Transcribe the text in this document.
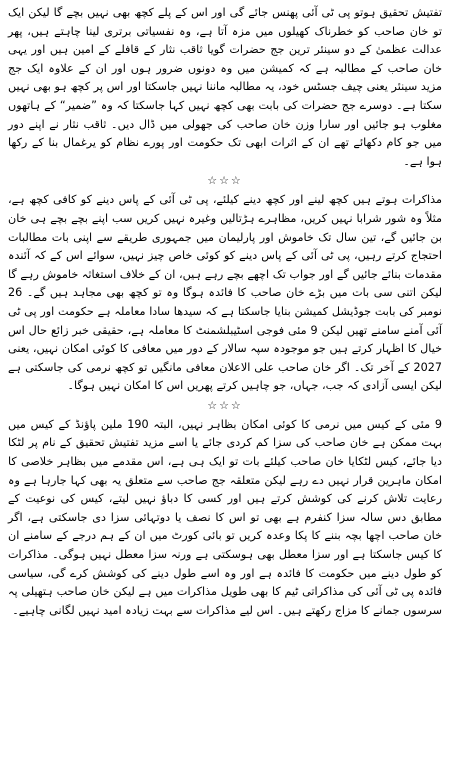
تفتیش تحقیق ہوتو پی ٹی آئی پھنس جائے گی اور اس کے پلے کچھ بھی نہیں بچے گا لیکن ایک تو خان صاحب کو خطرناک کھیلوں میں مزہ آتا ہے، وہ نفسیاتی برتری لینا چاہتے ہیں، پھر عدالت عظمیٰ کے دو سینئر ترین جج حضرات گویا ثاقب نثار کے قافلے کے امین ہیں اور یہی خان صاحب کے مطالبہ ہے کہ کمیشن میں وہ دونوں ضرور ہوں اور ان کے علاوہ ایک جج مزید سینئر یعنی چیف جسٹس خود، یہ مطالبہ ماننا نہیں جاسکتا اور اس پر کچھ ہو بھی نہیں سکتا ہے۔ دوسرے جج حضرات کی بابت بھی کچھ نہیں کہا جاسکتا کہ وہ ”ضمیر“ کے ہاتھوں مغلوب ہو جائیں اور سارا وزن خان صاحب کی جھولی میں ڈال دیں۔ ثاقب نثار نے اپنے دور میں جو کام دکھائے تھے ان کے اثرات ابھی تک حکومت اور پورے نظام کو یرغمال بنا کے رکھا ہوا ہے۔

☆☆☆

مذاکرات ہوتے ہیں کچھ لینے اور کچھ دینے کیلئے، پی ٹی آئی کے پاس دینے کو کافی کچھ ہے، مثلاً وہ شور شرابا نہیں کریں، مظاہرے ہڑتالیں وغیرہ نہیں کریں سب اپنے بچے بچے ہی خان بن جائیں گے، تین سال تک خاموش اور پارلیمان میں جمہوری طریقے سے اپنی بات مطالبات احتجاج کرتے رہیں، پی ٹی آئی کے پاس دینے کو کوئی خاص چیز نہیں، سوائے اس کے کہ آئندہ مقدمات بنائے جائیں گے اور جواب تک اچھے بچے رہے ہیں، ان کے خلاف استغاثہ خاموش رہے گا لیکن اتنی سی بات میں بڑے خان صاحب کا فائدہ ہوگا وہ تو کچھ بھی مجاہد ہیں گے۔ 26 نومبر کی بابت جوڈیشل کمیشن بنایا جاسکتا ہے کہ سیدھا سادا معاملہ ہے حکومت اور پی ٹی آئی آمنے سامنے تھیں لیکن 9 مئی فوجی اسٹیبلشمنٹ کا معاملہ ہے، حقیقی خبر زائع حال اس خیال کا اظہار کرتے ہیں جو موجودہ سپہ سالار کے دور میں معافی کا کوئی امکان نہیں، یعنی 2027 کے آخر تک۔ اگر خان صاحب علی الاعلان معافی مانگیں تو کچھ نرمی کی جاسکتی ہے لیکن ایسی آزادی کہ جب، جہاں، جو چاہیں کرتے پھریں اس کا امکان نہیں ہوگا۔

☆☆☆

9 مئی کے کیس میں نرمی کا کوئی امکان بظاہر نہیں، البتہ 190 ملین پاؤنڈ کے کیس میں بہت ممکن ہے خان صاحب کی سزا کم کردی جائے یا اسے مزید تفتیش تحقیق کے نام پر لٹکا دیا جائے، کیس لٹکایا خان صاحب کیلئے بات تو ایک ہی ہے، اس مقدمے میں بظاہر خلاصی کا امکان ماہرین قرار نہیں دے رہے لیکن متعلقہ جج صاحب سے متعلق یہ بھی کہا جارہا ہے وہ رعایت تلاش کرنے کی کوشش کرتے ہیں اور کسی کا دباؤ نہیں لیتے، کیس کی نوعیت کے مطابق دس سالہ سزا کنفرم ہے بھی تو اس کا نصف یا دوتہائی سزا دی جاسکتی ہے، اگر خان صاحب اچھا بچہ بننے کا پکا وعدہ کریں تو بائی کورٹ میں ان کے ہم درجے کے سامنے ان کا کیس جاسکتا ہے اور سزا معطل بھی ہوسکتی ہے ورنہ سزا معطل نہیں ہوگی۔ مذاکرات کو طول دینے میں حکومت کا فائدہ ہے اور وہ اسے طول دینے کی کوشش کرے گی، سیاسی فائدہ پی ٹی آئی کی مذاکراتی ٹیم کا بھی طویل مذاکرات میں ہے لیکن خان صاحب ہتھیلی پہ سرسوں جمانے کا مزاج رکھتے ہیں۔ اس لیے مذاکرات سے بہت زیادہ امید نہیں لگانی چاہیے۔
